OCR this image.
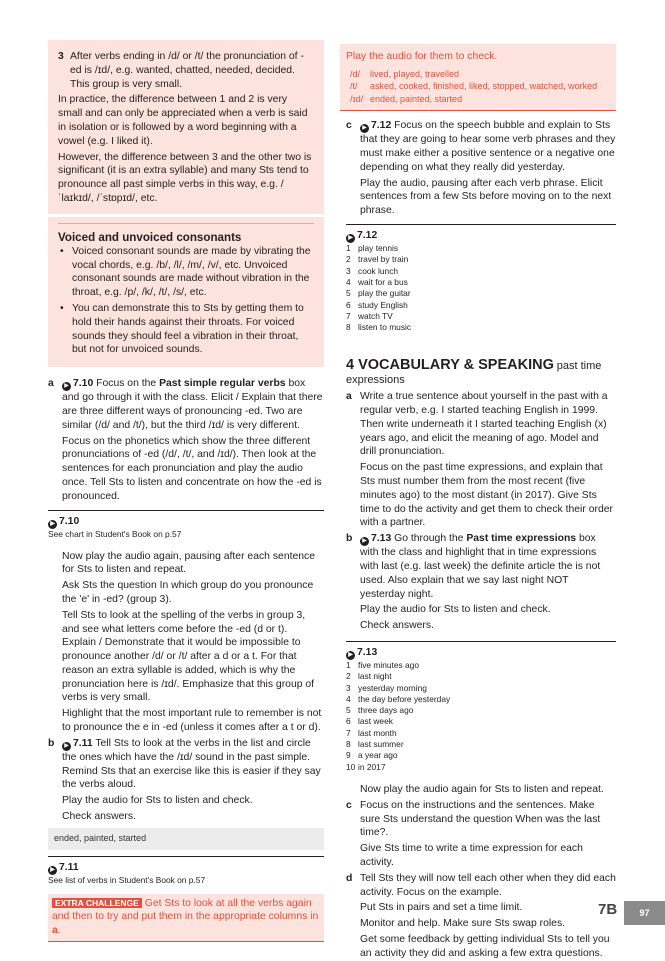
3 After verbs ending in /d/ or /t/ the pronunciation of -ed is /ɪd/, e.g. wanted, chatted, needed, decided. This group is very small.

In practice, the difference between 1 and 2 is very small and can only be appreciated when a verb is said in isolation or is followed by a word beginning with a vowel (e.g. I liked it).

However, the difference between 3 and the other two is significant (it is an extra syllable) and many Sts tend to pronounce all past simple verbs in this way, e.g. /ˈlaɪkɪd/, /ˈstɒpɪd/, etc.

Voiced and unvoiced consonants

• Voiced consonant sounds are made by vibrating the vocal chords, e.g. /b/, /l/, /m/, /v/, etc. Unvoiced consonant sounds are made without vibration in the throat, e.g. /p/, /k/, /t/, /s/, etc.

• You can demonstrate this to Sts by getting them to hold their hands against their throats. For voiced sounds they should feel a vibration in their throat, but not for unvoiced sounds.

a	▶ 7.10 Focus on the Past simple regular verbs box and go through it with the class. Elicit / Explain that there are three different ways of pronouncing -ed. Two are similar (/d/ and /t/), but the third /ɪd/ is very different.

Focus on the phonetics which show the three different pronunciations of -ed (/d/, /t/, and /ɪd/). Then look at the sentences for each pronunciation and play the audio once. Tell Sts to listen and concentrate on how the -ed is pronounced.

▶ 7.10

See chart in Student's Book on p.57

Now play the audio again, pausing after each sentence for Sts to listen and repeat.

Ask Sts the question In which group do you pronounce the 'e' in -ed? (group 3).

Tell Sts to look at the spelling of the verbs in group 3, and see what letters come before the -ed (d or t). Explain / Demonstrate that it would be impossible to pronounce another /d/ or /t/ after a d or a t. For that reason an extra syllable is added, which is why the pronunciation here is /ɪd/. Emphasize that this group of verbs is very small.

Highlight that the most important rule to remember is not to pronounce the e in -ed (unless it comes after a t or d).

b	▶ 7.11 Tell Sts to look at the verbs in the list and circle the ones which have the /ɪd/ sound in the past simple. Remind Sts that an exercise like this is easier if they say the verbs aloud.

Play the audio for Sts to listen and check.

Check answers.

ended, painted, started
▶ 7.11

See list of verbs in Student's Book on p.57

EXTRA CHALLENGE Get Sts to look at all the verbs again and then to try and put them in the appropriate columns in a.

Play the audio for them to check.

/d/	lived, played, travelled
/t/	asked, cooked, finished, liked, stopped, watched, worked
/ɪd/ ended, painted, started
c	▶ 7.12 Focus on the speech bubble and explain to Sts that they are going to hear some verb phrases and they must make either a positive sentence or a negative one depending on what they really did yesterday.

Play the audio, pausing after each verb phrase. Elicit sentences from a few Sts before moving on to the next phrase.

▶ 7.12
1 play tennis
2 travel by train
3 cook lunch
4 wait for a bus
5 play the guitar
6 study English
7 watch TV
8 listen to music
4 VOCABULARY & SPEAKING past time expressions
a Write a true sentence about yourself in the past with a regular verb, e.g. I started teaching English in 1999. Then write underneath it I started teaching English (x) years ago, and elicit the meaning of ago. Model and drill pronunciation.

Focus on the past time expressions, and explain that Sts must number them from the most recent (five minutes ago) to the most distant (in 2017). Give Sts time to do the activity and get them to check their order with a partner.

b	▶ 7.13 Go through the Past time expressions box with the class and highlight that in time expressions with last (e.g. last week) the definite article the is not used. Also explain that we say last night NOT yesterday night.

Play the audio for Sts to listen and check.

Check answers.

▶ 7.13
1 five minutes ago
2 last night
3 yesterday morning
4 the day before yesterday
5 three days ago
6 last week
7 last month
8 last summer
9 a year ago
10 in 2017

Now play the audio again for Sts to listen and repeat.

c Focus on the instructions and the sentences. Make sure Sts understand the question When was the last time?.

Give Sts time to write a time expression for each activity.

d Tell Sts they will now tell each other when they did each activity. Focus on the example.

Put Sts in pairs and set a time limit.

Monitor and help. Make sure Sts swap roles.

Get some feedback by getting individual Sts to tell you an activity they did and asking a few extra questions.

7B	97
